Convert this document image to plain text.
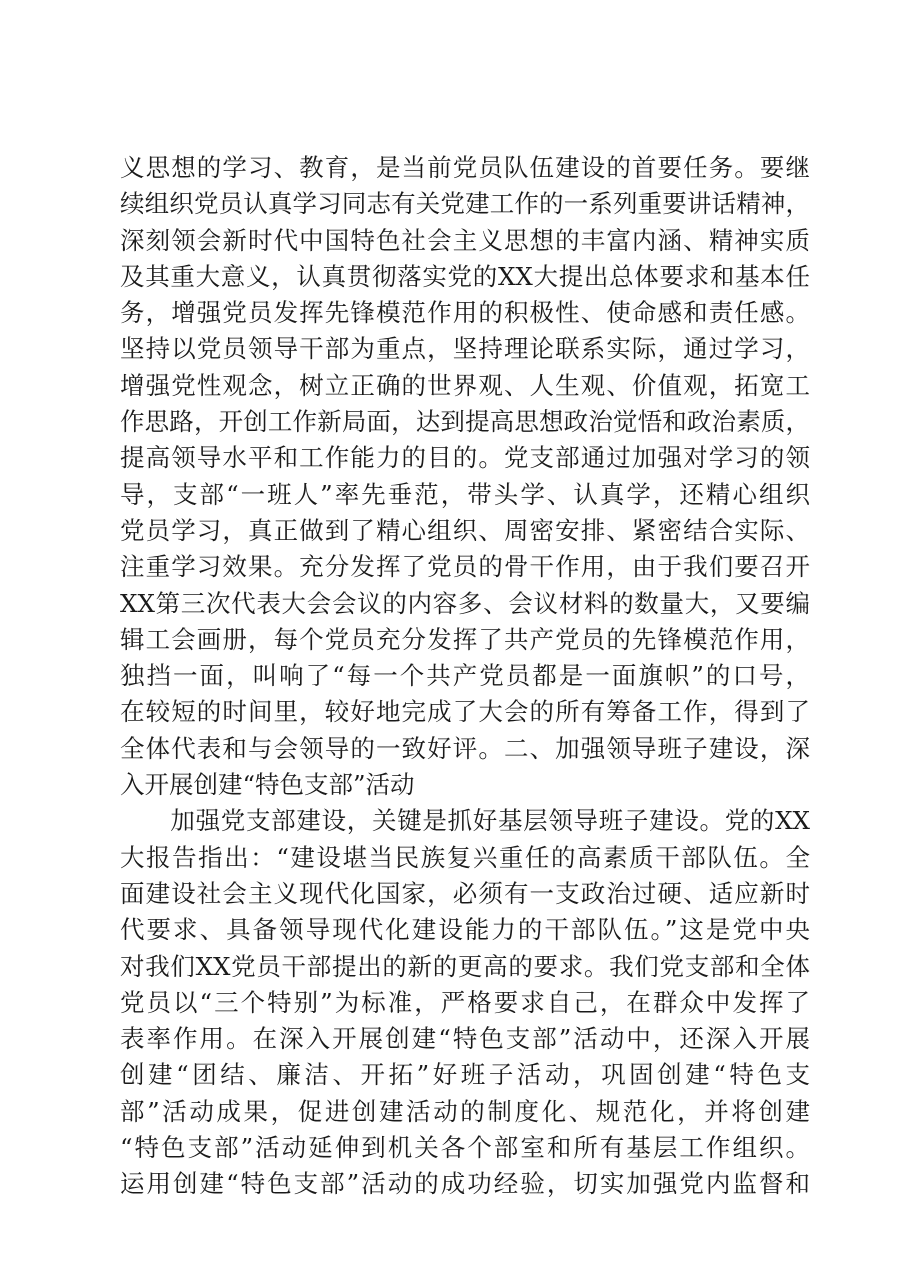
义思想的学习、教育，是当前党员队伍建设的首要任务。要继
续组织党员认真学习同志有关党建工作的一系列重要讲话精神，
深刻领会新时代中国特色社会主义思想的丰富内涵、精神实质
及其重大意义，认真贯彻落实党的XX大提出总体要求和基本任
务，增强党员发挥先锋模范作用的积极性、使命感和责任感。
坚持以党员领导干部为重点，坚持理论联系实际，通过学习，
增强党性观念，树立正确的世界观、人生观、价值观，拓宽工
作思路，开创工作新局面，达到提高思想政治觉悟和政治素质，
提高领导水平和工作能力的目的。党支部通过加强对学习的领
导，支部“一班人”率先垂范，带头学、认真学，还精心组织
党员学习，真正做到了精心组织、周密安排、紧密结合实际、
注重学习效果。充分发挥了党员的骨干作用，由于我们要召开
XX第三次代表大会会议的内容多、会议材料的数量大，又要编
辑工会画册，每个党员充分发挥了共产党员的先锋模范作用，
独挡一面，叫响了“每一个共产党员都是一面旗帜”的口号，
在较短的时间里，较好地完成了大会的所有筹备工作，得到了
全体代表和与会领导的一致好评。二、加强领导班子建设，深
入开展创建“特色支部”活动
　　加强党支部建设，关键是抓好基层领导班子建设。党的XX
大报告指出：“建设堪当民族复兴重任的高素质干部队伍。全
面建设社会主义现代化国家，必须有一支政治过硬、适应新时
代要求、具备领导现代化建设能力的干部队伍。”这是党中央
对我们XX党员干部提出的新的更高的要求。我们党支部和全体
党员以“三个特别”为标准，严格要求自己，在群众中发挥了
表率作用。在深入开展创建“特色支部”活动中，还深入开展
创建“团结、廉洁、开拓”好班子活动，巩固创建“特色支
部”活动成果，促进创建活动的制度化、规范化，并将创建
“特色支部”活动延伸到机关各个部室和所有基层工作组织。
运用创建“特色支部”活动的成功经验，切实加强党内监督和
